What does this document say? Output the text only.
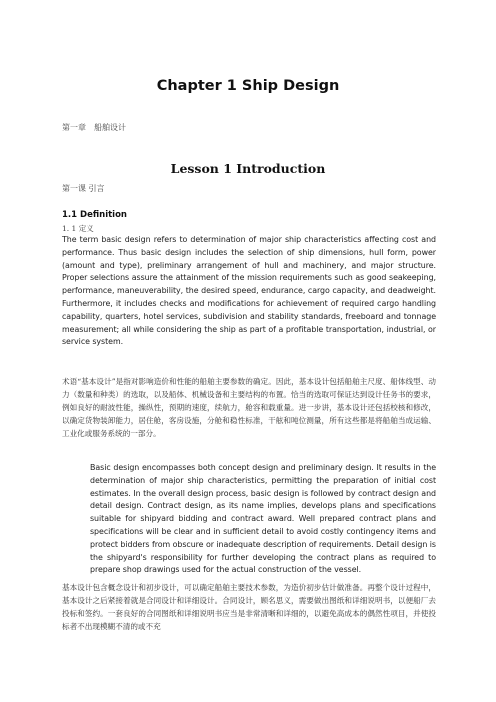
Chapter 1 Ship Design
第一章　船舶设计
Lesson 1 Introduction
第一课 引言
1.1 Definition
1. 1 定义

The term basic design refers to determination of major ship characteristics affecting cost and performance. Thus basic design includes the selection of ship dimensions, hull form, power (amount and type), preliminary arrangement of hull and machinery, and major structure. Proper selections assure the attainment of the mission requirements such as good seakeeping, performance, maneuverability, the desired speed, endurance, cargo capacity, and deadweight. Furthermore, it includes checks and modifications for achievement of required cargo handling capability, quarters, hotel services, subdivision and stability standards, freeboard and tonnage measurement; all while considering the ship as part of a profitable transportation, industrial, or service system.

术语“基本设计”是指对影响造价和性能的船舶主要参数的确定。因此，基本设计包括船舶主尺度、船体线型、动力（数量和种类）的选取，以及船体、机械设备和主要结构的布置。恰当的选取可保证达到设计任务书的要求，例如良好的耐波性能，操纵性，预期的速度，续航力，舱容和载重量。进一步讲，基本设计还包括校核和修改，以确定货物装卸能力，居住舱，客房设施，分舱和稳性标准，干舷和吨位测量，所有这些都是将船舶当成运输、工业化或服务系统的一部分。

Basic design encompasses both concept design and preliminary design. It results in the determination of major ship characteristics, permitting the preparation of initial cost estimates. In the overall design process, basic design is followed by contract design and detail design. Contract design, as its name implies, develops plans and specifications suitable for shipyard bidding and contract award. Well prepared contract plans and specifications will be clear and in sufficient detail to avoid costly contingency items and protect bidders from obscure or inadequate description of requirements. Detail design is the shipyard's responsibility for further developing the contract plans as required to prepare shop drawings used for the actual construction of the vessel.

基本设计包含概念设计和初步设计，可以确定船舶主要技术参数，为造价初步估计做准备。再整个设计过程中，基本设计之后紧接着就是合同设计和详细设计。合同设计，顾名思义，需要做出图纸和详细说明书，以便船厂去投标和签约。一套良好的合同图纸和详细说明书应当是非常清晰和详细的，以避免高成本的偶然性项目，并使投标者不出现模糊不清的或不充
